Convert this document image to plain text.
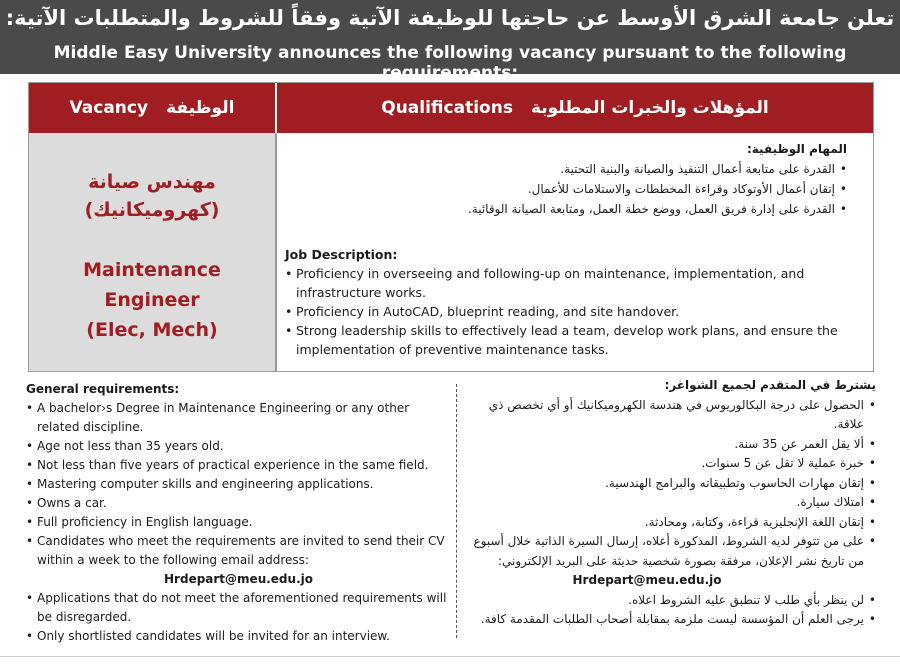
تعلن جامعة الشرق الأوسط عن حاجتها للوظيفة الآتية وفقاً للشروط والمتطلبات الآتية:
Middle Easy University announces the following vacancy pursuant to the following requirements:
Vacancy الوظيفة	Qualifications المؤهلات والخبرات المطلوبة
مهندس صيانة
(كهروميكانيك)
Maintenance Engineer (Elec, Mech)
المهام الوظيفية:
• القدرة على متابعة أعمال التنفيذ والصيانة والبنية التحتية.
• إتقان أعمال الأوتوكاد وقراءة المخططات والاستلامات للأعمال.
• القدرة على إدارة فريق العمل، ووضع خطة العمل، ومتابعة الصيانة الوقائية.
Job Description:
• Proficiency in overseeing and following-up on maintenance, implementation, and infrastructure works.
• Proficiency in AutoCAD, blueprint reading, and site handover.
• Strong leadership skills to effectively lead a team, develop work plans, and ensure the implementation of preventive maintenance tasks.
General requirements:
• A bachelor›s Degree in Maintenance Engineering or any other related discipline.
• Age not less than 35 years old.
• Not less than five years of practical experience in the same field.
• Mastering computer skills and engineering applications.
• Owns a car.
• Full proficiency in English language.
• Candidates who meet the requirements are invited to send their CV within a week to the following email address:
Hrdepart@meu.edu.jo
• Applications that do not meet the aforementioned requirements will be disregarded.
• Only shortlisted candidates will be invited for an interview.
يشترط في المتقدم لجميع الشواغر:
• الحصول على درجة البكالوريوس في هندسة الكهروميكانيك أو أي تخصص ذي علاقة.
• ألا يقل العمر عن 35 سنة.
• خبرة عملية لا تقل عن 5 سنوات.
• إتقان مهارات الحاسوب وتطبيقاته والبرامج الهندسية.
• امتلاك سيارة.
• إتقان اللغة الإنجليزية قراءة، وكتابة، ومحادثة.
• على من تتوفر لديه الشروط، المذكورة أعلاه، إرسال السيرة الذاتية خلال أسبوع من تاريخ نشر الإعلان، مرفقة بصورة شخصية حديثة على البريد الإلكتروني:
Hrdepart@meu.edu.jo
• لن ينظر بأي طلب لا تنطبق عليه الشروط اعلاه.
• يرجى العلم أن المؤسسة ليست ملزمة بمقابلة أصحاب الطلبات المقدمة كافة.
